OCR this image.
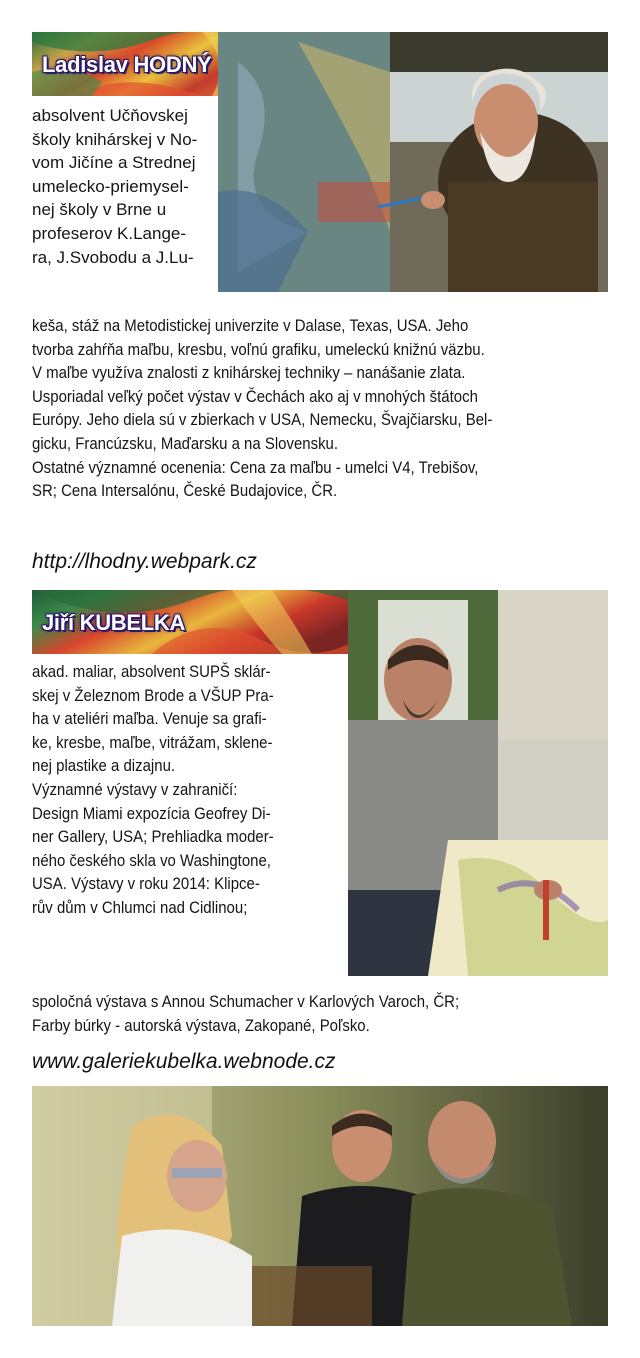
Ladislav HODNÝ

absolvent Učňovskej

školy knihárskej v No-

vom Jičíne a Strednej

umelecko-priemysel-

nej školy v Brne u

profeserov K.Lange-

ra, J.Svobodu a J.Lu-

keša, stáž na Metodistickej univerzite v Dalase, Texas, USA. Jeho

tvorba zahŕňa maľbu, kresbu, voľnú grafiku, umeleckú knižnú väzbu.

V maľbe využíva znalosti z knihárskej techniky – nanášanie zlata.

Usporiadal veľký počet výstav v Čechách ako aj v mnohých štátoch

Európy. Jeho diela sú v zbierkach v USA, Nemecku, Švajčiarsku, Bel-

gicku, Francúzsku, Maďarsku a na Slovensku.

Ostatné významné ocenenia: Cena za maľbu - umelci V4, Trebišov,

SR; Cena Intersalónu, České Budajovice, ČR.

http://lhodny.webpark.cz
Jiří KUBELKA

akad. maliar, absolvent SUPŠ sklár-

skej v Železnom Brode a VŠUP Pra-

ha v ateliéri maľba. Venuje sa grafi-

ke, kresbe, maľbe, vitrážam, sklene-

nej plastike a dizajnu.

Významné výstavy v zahraničí:

Design Miami expozícia Geofrey Di-

ner Gallery, USA; Prehliadka moder-

ného českého skla vo Washingtone,

USA. Výstavy v roku 2014: Klipce-

rův dům v Chlumci nad Cidlinou;

spoločná výstava s Annou Schumacher v Karlových Varoch, ČR;

Farby búrky - autorská výstava, Zakopané, Poľsko.

www.galeriekubelka.webnode.cz
